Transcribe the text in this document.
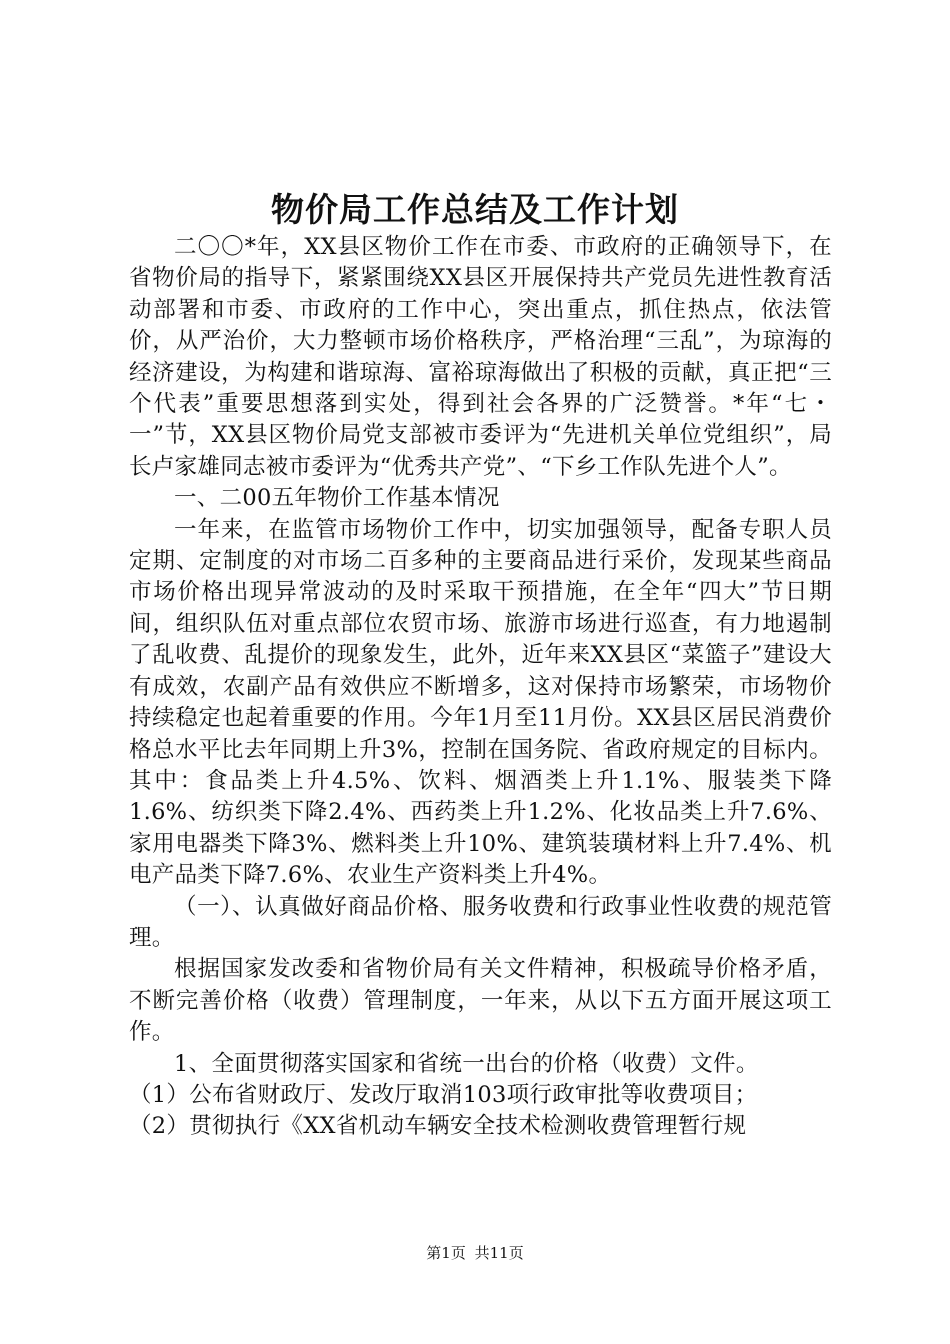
物价局工作总结及工作计划

二〇〇*年，XX县区物价工作在市委、市政府的正确领导下，在省物价局的指导下，紧紧围绕XX县区开展保持共产党员先进性教育活动部署和市委、市政府的工作中心，突出重点，抓住热点，依法管价，从严治价，大力整顿市场价格秩序，严格治理“三乱”，为琼海的经济建设，为构建和谐琼海、富裕琼海做出了积极的贡献，真正把“三个代表”重要思想落到实处，得到社会各界的广泛赞誉。*年“七・一”节，XX县区物价局党支部被市委评为“先进机关单位党组织”，局长卢家雄同志被市委评为“优秀共产党”、“下乡工作队先进个人”。

一、二00五年物价工作基本情况

一年来，在监管市场物价工作中，切实加强领导，配备专职人员定期、定制度的对市场二百多种的主要商品进行采价，发现某些商品市场价格出现异常波动的及时采取干预措施，在全年“四大”节日期间，组织队伍对重点部位农贸市场、旅游市场进行巡查，有力地遏制了乱收费、乱提价的现象发生，此外，近年来XX县区“菜篮子”建设大有成效，农副产品有效供应不断增多，这对保持市场繁荣，市场物价持续稳定也起着重要的作用。今年1月至11月份。XX县区居民消费价格总水平比去年同期上升3%，控制在国务院、省政府规定的目标内。其中：食品类上升4.5%、饮料、烟酒类上升1.1%、服装类下降1.6%、纺织类下降2.4%、西药类上升1.2%、化妆品类上升7.6%、家用电器类下降3%、燃料类上升10%、建筑装璜材料上升7.4%、机电产品类下降7.6%、农业生产资料类上升4%。

（一）、认真做好商品价格、服务收费和行政事业性收费的规范管理。

根据国家发改委和省物价局有关文件精神，积极疏导价格矛盾，不断完善价格（收费）管理制度，一年来，从以下五方面开展这项工作。

1、全面贯彻落实国家和省统一出台的价格（收费）文件。

（1）公布省财政厅、发改厅取消103项行政审批等收费项目；

（2）贯彻执行《XX省机动车辆安全技术检测收费管理暂行规

第1页 共11页
